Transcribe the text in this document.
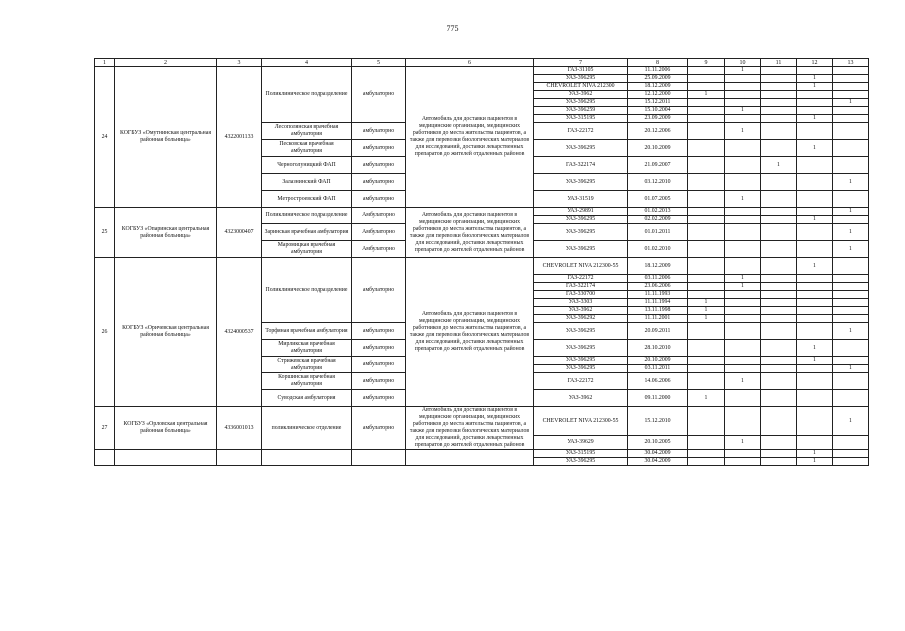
775
1	2	3	4	5	6	7	8	9	10	11	12	13
24	КОГБУЗ «Омутнинская центральная районная больница»	4322001133	Поликлиническое подразделение	амбулаторно	Автомобиль для доставки пациентов в медицинские организации, медицинских работников до места жительства пациентов, а также для перевозки биологических материалов для исследований, доставки лекарственных препаратов до жителей отдаленных районов	ГАЗ-31105	11.11.2006		1			
						УАЗ-396295	25.09.2009				1	
						CHEVROLET NIVA 212300	18.12.2009				1	
						УАЗ-3962	12.12.2000	1				
						УАЗ-396295	15.12.2011					1
						УАЗ-396259	15.10.2004		1			
						УАЗ-315195	23.09.2009				1	
			Лесополянская врачебная амбулатория	амбулаторно		ГАЗ-22172	20.12.2006		1			
			Песковская врачебная амбулатория	амбулаторно		УАЗ-396295	20.10.2009				1	
			Черноголуницкий ФАП	амбулаторно		ГАЗ-322174	21.09.2007			1		
			Залазнинский ФАП	амбулаторно		УАЗ-396295	03.12.2010					1
			Метростроевский ФАП	амбулаторно		УАЗ-31519	01.07.2005		1			
25	КОГБУЗ «Опаринская центральная районная больница»	4323000407	Поликлиническое подразделение	Амбулаторно	Автомобиль для доставки пациентов в медицинские организации, медицинских работников до места жительства пациентов, а также для перевозки биологических материалов для исследований, доставки лекарственных препаратов до жителей отдаленных районов	УАЗ-29891	01.02.2013					1
						УАЗ-396295	02.02.2009				1	
			Заринская врачебная амбулатория	Амбулаторно		УАЗ-396295	01.01.2011					1
			Маромицкая врачебная амбулатория	Амбулаторно		УАЗ-396295	01.02.2010					1
26	КОГБУЗ «Оричевская центральная районная больница»	4324000537	Поликлиническое подразделение	амбулаторно	Автомобиль для доставки пациентов в медицинские организации, медицинских работников до места жительства пациентов, а также для перевозки биологических материалов для исследований, доставки лекарственных препаратов до жителей отдаленных районов	CHEVROLET NIVA 212300-55	18.12.2009				1	
						ГАЗ-22172	03.11.2006		1			
						ГАЗ-322174	23.06.2006		1			
						ГАЗ-330700	11.11.1993					
						УАЗ-3303	11.11.1994	1				
						УАЗ-3962	13.11.1998	1				
						УАЗ-396292	11.11.2001	1				
			Торфяная врачебная амбулатория	амбулаторно		УАЗ-396295	20.09.2011					1
			Мирликская врачебная амбулатория	амбулаторно		УАЗ-396295	28.10.2010				1	
			Стрижевская врачебная амбулатория	амбулаторно		УАЗ-396295	20.10.2009				1	
						УАЗ-396295	03.11.2011					1
			Коршинская врачебная амбулатория	амбулаторно		ГАЗ-22172	14.06.2006		1			
			Суводская амбулатория	амбулаторно		УАЗ-3962	09.11.2000	1				
27	КОГБУЗ «Орловская центральная районная больница»	4336001013	поликлиническое отделение	амбулаторно	Автомобиль для доставки пациентов в медицинские организации, медицинских работников до места жительства пациентов, а также для перевозки биологических материалов для исследований, доставки лекарственных препаратов до жителей отдаленных районов	CHEVROLET NIVA 212300-55	15.12.2010					1
						УАЗ-39629	20.10.2005		1			
						УАЗ-315195	30.04.2009				1	
						УАЗ-396295	30.04.2009				1	
